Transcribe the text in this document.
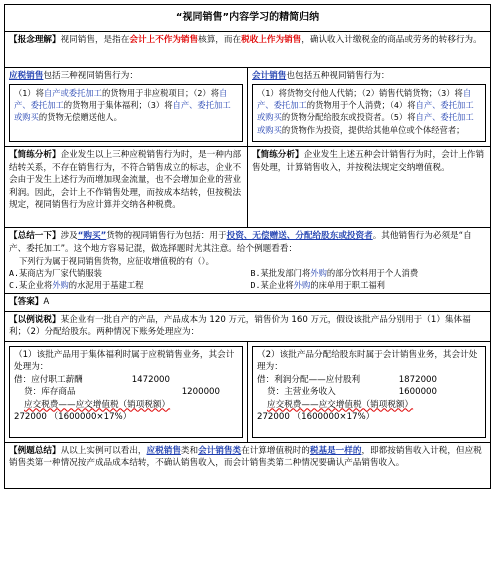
“视同销售”内容学习的精简归纳
【报念理解】视同销售，是指在会计上不作为销售核算，而在税收上作为销售，确认收入计缴税金的商品或劳务的转移行为。
应税销售包括三种视同销售行为：
（1）将自产或委托加工的货物用于非应税项目；（2）将自产、委托加工的货物用于集体福利；（3）将自产、委托加工或购买的货物无偿赠送他人。
会计销售也包括五种视同销售行为：
（1）将货物交付他人代销；（2）销售代销货物；（3）将自产、委托加工的货物用于个人消费；（4）将自产、委托加工或购买的货物分配给股东或投资者。（5）将自产、委托加工或购买的货物作为投资，提供给其他单位或个体经营者；
【简练分析】企业发生以上三种应税销售行为时，是一种内部结转关系，不存在销售行为，不符合销售成立的标志，企业不会由于发生上述行为而增加现金流量，也不会增加企业的营业利润。因此，会计上不作销售处理，而按成本结转，但按税法规定，视同销售行为应计算并交纳各种税费。
【简练分析】企业发生上述五种会计销售行为时，会计上作销售处理，计算销售收入，并按税法规定交纳增值税。
【总结一下】涉及“购买”货物的视同销售行为包括：用于投资、无偿赠送、分配给股东或投资者。其他销售行为必须是“自产、委托加工”。这个地方容易记混，做选择题时尤其注意。给个例题看看：
下列行为属于视同销售货物，应征收增值税的有（）。
A.某商店为厂家代销服装	B.某批发部门将外购的部分饮料用于个人消费
C.某企业将外购的水泥用于基建工程	D.某企业将外购的床单用于职工福利
【答案】A
【以例说税】某企业有一批自产的产品，产品成本为 120 万元，销售价为 160 万元，假设该批产品分别用于（1）集体福利；（2）分配给股东。两种情况下账务处理应为：
（1）该批产品用于集体福利时属于应税销售业务，其会计处理为：
借：应付职工薪酬	1472000
贷：库存商品	1200000
应交税费——应交增值税（销项税额）
272000 （1600000×17%）
（2）该批产品分配给股东时属于会计销售业务，其会计处理为：
借：利润分配——应付股利	1872000
贷：主营业务收入	1600000
应交税费——应交增值税（销项税额）
272000 （1600000×17%）
【例题总结】从以上实例可以看出，应税销售类和会计销售类在计算增值税时的税基是一样的，即都按销售收入计税，但应税销售类第一种情况按产成品成本结转，不确认销售收入，而会计销售类第二种情况要确认产品销售收入。
